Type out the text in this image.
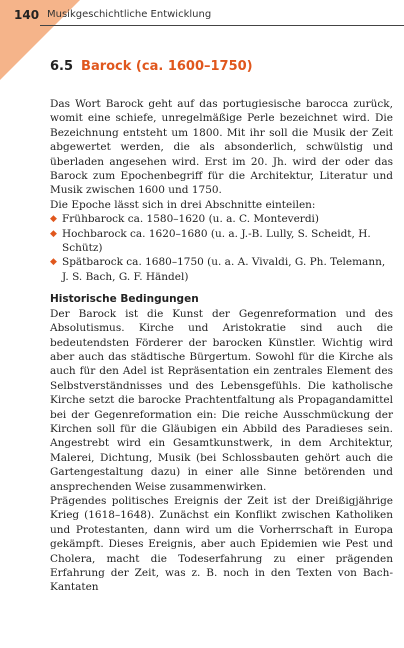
140 Musikgeschichtliche Entwicklung
6.5 Barock (ca. 1600–1750)

Das Wort Barock geht auf das portugiesische barocca zurück, womit eine schiefe, unregelmäßige Perle bezeichnet wird. Die Bezeichnung entsteht um 1800. Mit ihr soll die Musik der Zeit abgewertet werden, die als absonderlich, schwülstig und überladen angesehen wird. Erst im 20. Jh. wird der oder das Barock zum Epochenbegriff für die Architektur, Literatur und Musik zwischen 1600 und 1750.

Die Epoche lässt sich in drei Abschnitte einteilen:

◆ Frühbarock ca. 1580–1620 (u. a. C. Monteverdi)
◆ Hochbarock ca. 1620–1680 (u. a. J.-B. Lully, S. Scheidt, H. Schütz)
◆ Spätbarock ca. 1680–1750 (u. a. A. Vivaldi, G. Ph. Telemann, J. S. Bach, G. F. Händel)
Historische Bedingungen

Der Barock ist die Kunst der Gegenreformation und des Absolutismus. Kirche und Aristokratie sind auch die bedeutendsten Förderer der barocken Künstler. Wichtig wird aber auch das städtische Bürgertum. Sowohl für die Kirche als auch für den Adel ist Repräsentation ein zentrales Element des Selbstverständnisses und des Lebensgefühls. Die katholische Kirche setzt die barocke Prachtentfaltung als Propagandamittel bei der Gegenreformation ein: Die reiche Ausschmückung der Kirchen soll für die Gläubigen ein Abbild des Paradieses sein. Angestrebt wird ein Gesamtkunstwerk, in dem Architektur, Malerei, Dichtung, Musik (bei Schlossbauten gehört auch die Gartengestaltung dazu) in einer alle Sinne betörenden und ansprechenden Weise zusammenwirken.

Prägendes politisches Ereignis der Zeit ist der Dreißigjährige Krieg (1618–1648). Zunächst ein Konflikt zwischen Katholiken und Protestanten, dann wird um die Vorherrschaft in Europa gekämpft. Dieses Ereignis, aber auch Epidemien wie Pest und Cholera, macht die Todeserfahrung zu einer prägenden Erfahrung der Zeit, was z. B. noch in den Texten von Bach-Kantaten
